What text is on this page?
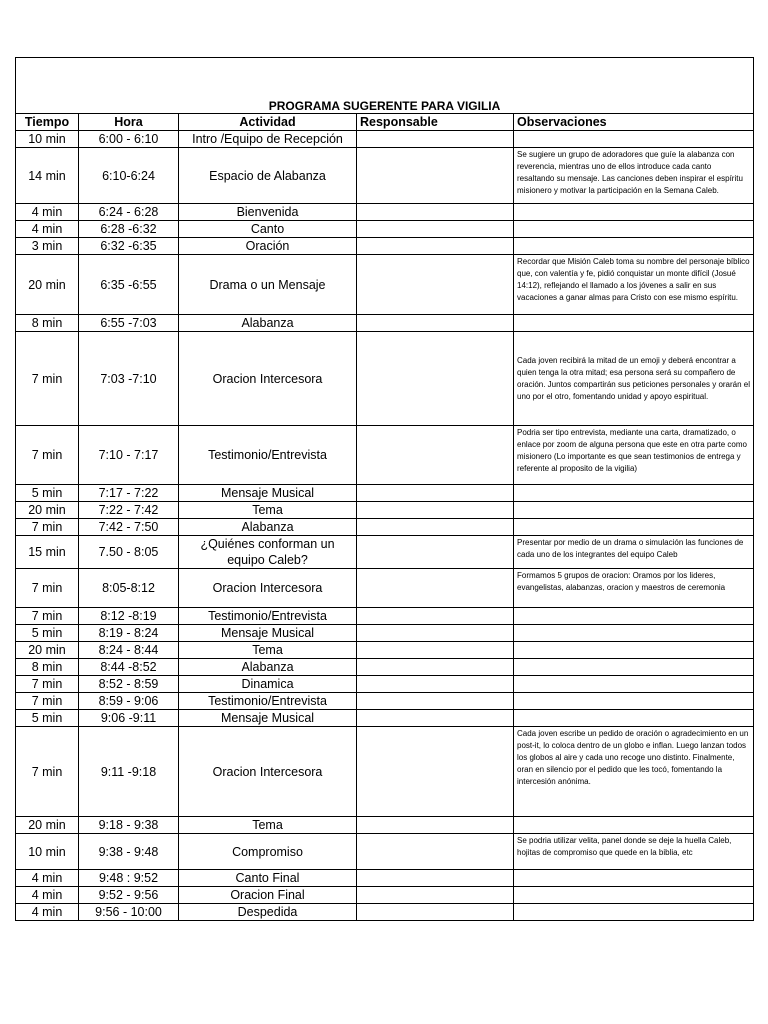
PROGRAMA SUGERENTE PARA VIGILIA				
Tiempo	Hora	Actividad	Responsable	Observaciones
10 min	6:00 - 6:10	Intro /Equipo de Recepción		
14 min	6:10-6:24	Espacio de Alabanza		Se sugiere un grupo de adoradores que guíe la alabanza con reverencia, mientras uno de ellos introduce cada canto resaltando su mensaje. Las canciones deben inspirar el espíritu misionero y motivar la participación en la Semana Caleb.
4 min	6:24 - 6:28	Bienvenida		
4 min	6:28 -6:32	Canto		
3 min	6:32 -6:35	Oración		
20 min	6:35 -6:55	Drama o un Mensaje		Recordar que Misión Caleb toma su nombre del personaje bíblico que, con valentía y fe, pidió conquistar un monte difícil (Josué 14:12), reflejando el llamado a los jóvenes a salir en sus vacaciones a ganar almas para Cristo con ese mismo espíritu.
8 min	6:55 -7:03	Alabanza		
7 min	7:03 -7:10	Oracion Intercesora		Cada joven recibirá la mitad de un emoji y deberá encontrar a quien tenga la otra mitad; esa persona será su compañero de oración. Juntos compartirán sus peticiones personales y orarán el uno por el otro, fomentando unidad y apoyo espiritual.
7 min	7:10 - 7:17	Testimonio/Entrevista		Podria ser tipo entrevista, mediante una carta, dramatizado, o enlace por zoom de alguna persona que este en otra parte como misionero (Lo importante es que sean testimonios de entrega y referente al proposito de la vigilia)
5 min	7:17 - 7:22	Mensaje Musical		
20 min	7:22 - 7:42	Tema		
7 min	7:42 - 7:50	Alabanza		
15 min	7.50 - 8:05	¿Quiénes conforman un equipo Caleb?		Presentar por medio de un drama o simulación las funciones de cada uno de los integrantes del equipo Caleb
7 min	8:05-8:12	Oracion Intercesora		Formamos 5 grupos de oracion: Oramos por los lideres, evangelistas, alabanzas, oracion y maestros de ceremonia
7 min	8:12 -8:19	Testimonio/Entrevista		
5 min	8:19 - 8:24	Mensaje Musical		
20 min	8:24 - 8:44	Tema		
8 min	8:44 -8:52	Alabanza		
7 min	8:52 - 8:59	Dinamica		
7 min	8:59 - 9:06	Testimonio/Entrevista		
5 min	9:06 -9:11	Mensaje Musical		
7 min	9:11 -9:18	Oracion Intercesora		Cada joven escribe un pedido de oración o agradecimiento en un post-it, lo coloca dentro de un globo e inflan. Luego lanzan todos los globos al aire y cada uno recoge uno distinto. Finalmente, oran en silencio por el pedido que les tocó, fomentando la intercesión anónima.
20 min	9:18 - 9:38	Tema		
10 min	9:38 - 9:48	Compromiso		Se podria utilizar velita, panel donde se deje la huella Caleb, hojitas de compromiso que quede en la biblia, etc
4 min	9:48 : 9:52	Canto Final		
4 min	9:52 - 9:56	Oracion Final		
4 min	9:56 - 10:00	Despedida		
